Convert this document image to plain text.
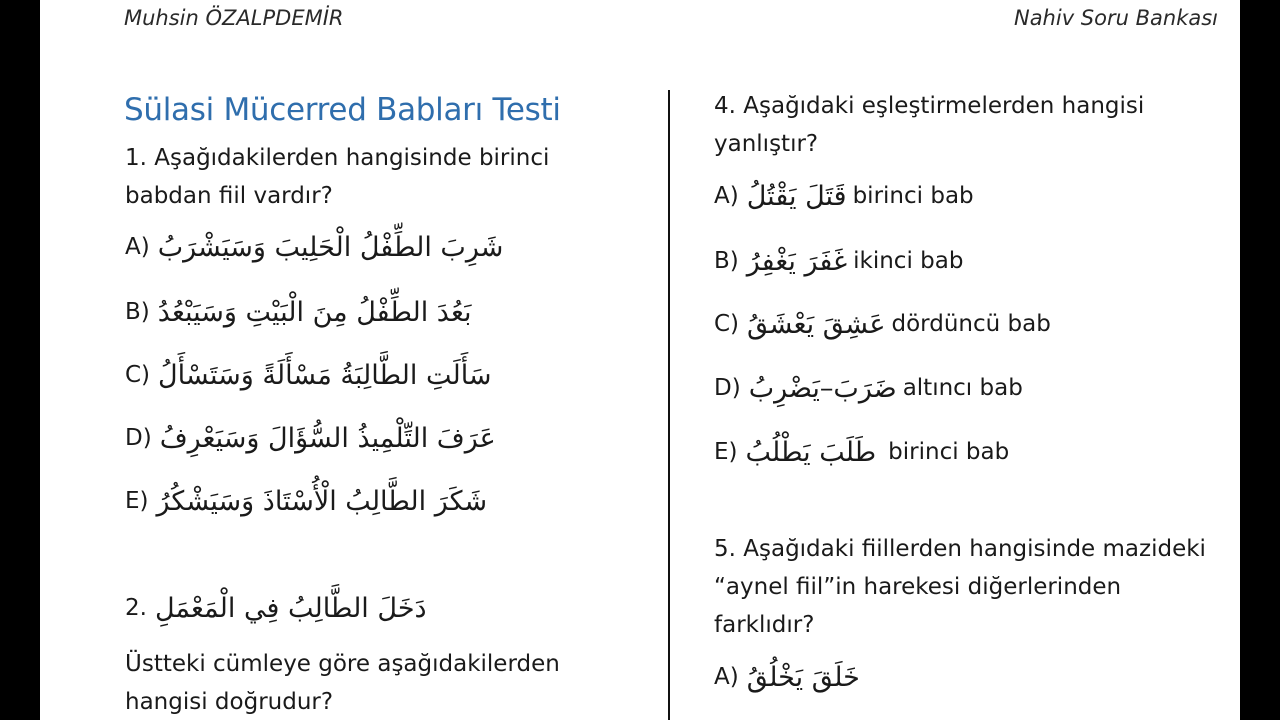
Muhsin ÖZALPDEMİR	Nahiv Soru Bankası
Sülasi Mücerred Babları Testi
1. Aşağıdakilerden hangisinde birinci
babdan fiil vardır?
A) شَرِبَ الطِّفْلُ الْحَلِيبَ وَسَيَشْرَبُ
B) بَعُدَ الطِّفْلُ مِنَ الْبَيْتِ وَسَيَبْعُدُ
C) سَأَلَتِ الطَّالِبَةُ مَسْأَلَةً وَسَتَسْأَلُ
D) عَرَفَ التِّلْمِيذُ السُّؤَالَ وَسَيَعْرِفُ
E) شَكَرَ الطَّالِبُ الْأُسْتَاذَ وَسَيَشْكُرُ
2. دَخَلَ الطَّالِبُ فِي الْمَعْمَلِ
Üstteki cümleye göre aşağıdakilerden
hangisi doğrudur?
4. Aşağıdaki eşleştirmelerden hangisi
yanlıştır?
A) قَتَلَ يَقْتُلُ birinci bab
B) غَفَرَ يَغْفِرُ ikinci bab
C) عَشِقَ يَعْشَقُ dördüncü bab
D) ضَرَبَ–يَضْرِبُ altıncı bab
E) طَلَبَ يَطْلُبُ birinci bab
5. Aşağıdaki fiillerden hangisinde mazideki
“aynel fiil”in harekesi diğerlerinden
farklıdır?
A) خَلَقَ يَخْلُقُ
